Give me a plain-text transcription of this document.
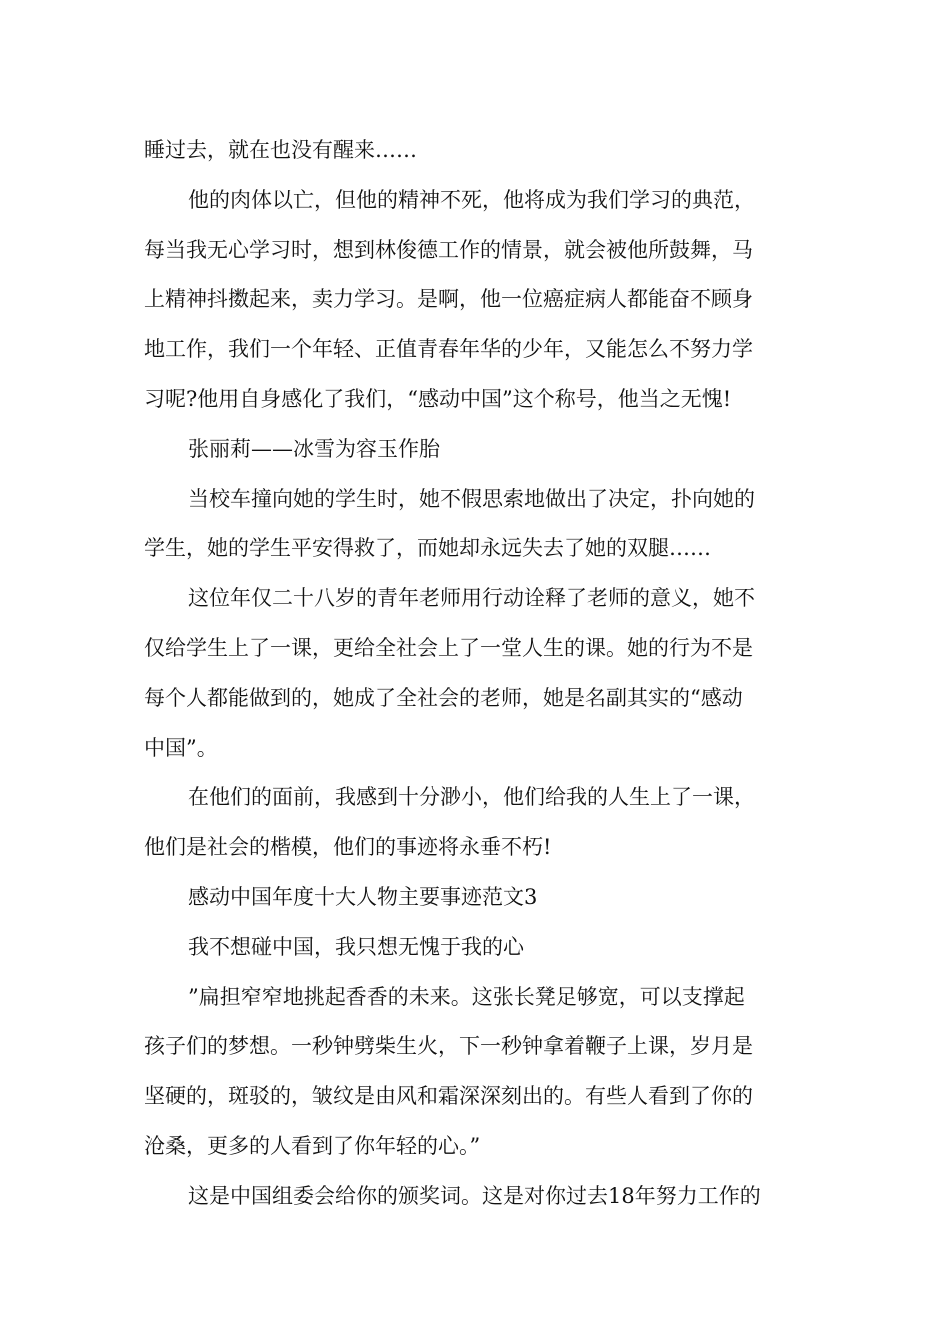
睡过去，就在也没有醒来……

他的肉体以亡，但他的精神不死，他将成为我们学习的典范，

每当我无心学习时，想到林俊德工作的情景，就会被他所鼓舞，马

上精神抖擞起来，卖力学习。是啊，他一位癌症病人都能奋不顾身

地工作，我们一个年轻、正值青春年华的少年，又能怎么不努力学

习呢?他用自身感化了我们，“感动中国”这个称号，他当之无愧!

张丽莉——冰雪为容玉作胎

当校车撞向她的学生时，她不假思索地做出了决定，扑向她的

学生，她的学生平安得救了，而她却永远失去了她的双腿……

这位年仅二十八岁的青年老师用行动诠释了老师的意义，她不

仅给学生上了一课，更给全社会上了一堂人生的课。她的行为不是

每个人都能做到的，她成了全社会的老师，她是名副其实的“感动

中国”。

在他们的面前，我感到十分渺小，他们给我的人生上了一课，

他们是社会的楷模，他们的事迹将永垂不朽!

感动中国年度十大人物主要事迹范文3

我不想碰中国，我只想无愧于我的心

”扁担窄窄地挑起香香的未来。这张长凳足够宽，可以支撑起

孩子们的梦想。一秒钟劈柴生火，下一秒钟拿着鞭子上课，岁月是

坚硬的，斑驳的，皱纹是由风和霜深深刻出的。有些人看到了你的

沧桑，更多的人看到了你年轻的心。”

这是中国组委会给你的颁奖词。这是对你过去18年努力工作的
